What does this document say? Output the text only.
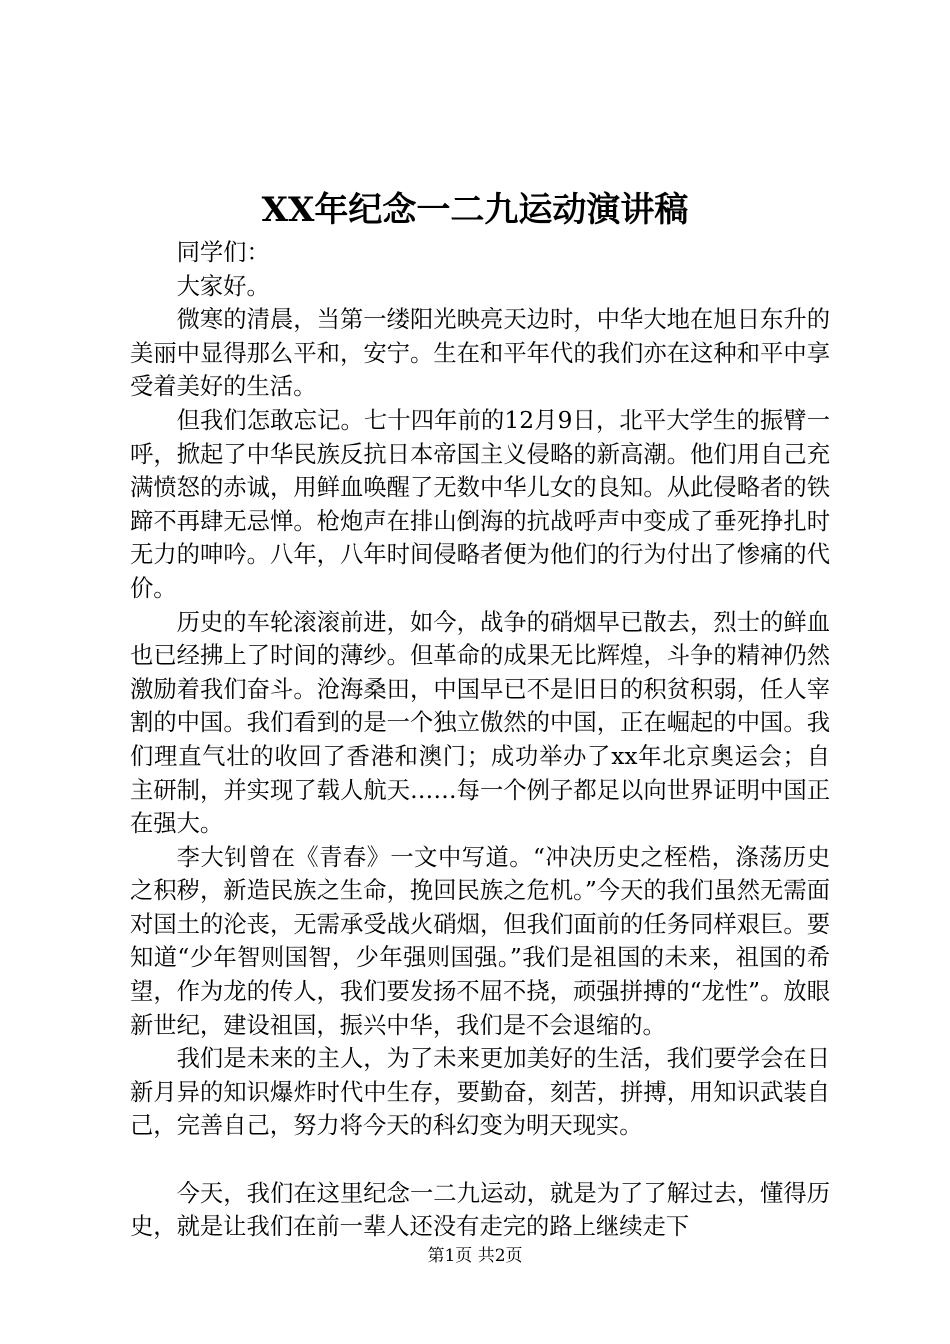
XX年纪念一二九运动演讲稿

同学们：

大家好。

微寒的清晨，当第一缕阳光映亮天边时，中华大地在旭日东升的美丽中显得那么平和，安宁。生在和平年代的我们亦在这种和平中享受着美好的生活。

但我们怎敢忘记。七十四年前的12月9日，北平大学生的振臂一呼，掀起了中华民族反抗日本帝国主义侵略的新高潮。他们用自己充满愤怒的赤诚，用鲜血唤醒了无数中华儿女的良知。从此侵略者的铁蹄不再肆无忌惮。枪炮声在排山倒海的抗战呼声中变成了垂死挣扎时无力的呻吟。八年，八年时间侵略者便为他们的行为付出了惨痛的代价。

历史的车轮滚滚前进，如今，战争的硝烟早已散去，烈士的鲜血也已经拂上了时间的薄纱。但革命的成果无比辉煌，斗争的精神仍然激励着我们奋斗。沧海桑田，中国早已不是旧日的积贫积弱，任人宰割的中国。我们看到的是一个独立傲然的中国，正在崛起的中国。我们理直气壮的收回了香港和澳门；成功举办了xx年北京奥运会；自主研制，并实现了载人航天……每一个例子都足以向世界证明中国正在强大。

李大钊曾在《青春》一文中写道。“冲决历史之桎梏，涤荡历史之积秽，新造民族之生命，挽回民族之危机。”今天的我们虽然无需面对国土的沦丧，无需承受战火硝烟，但我们面前的任务同样艰巨。要知道“少年智则国智，少年强则国强。”我们是祖国的未来，祖国的希望，作为龙的传人，我们要发扬不屈不挠，顽强拼搏的“龙性”。放眼新世纪，建设祖国，振兴中华，我们是不会退缩的。

我们是未来的主人，为了未来更加美好的生活，我们要学会在日新月异的知识爆炸时代中生存，要勤奋，刻苦，拼搏，用知识武装自己，完善自己，努力将今天的科幻变为明天现实。

今天，我们在这里纪念一二九运动，就是为了了解过去，懂得历史，就是让我们在前一辈人还没有走完的路上继续走下

第1页 共2页
